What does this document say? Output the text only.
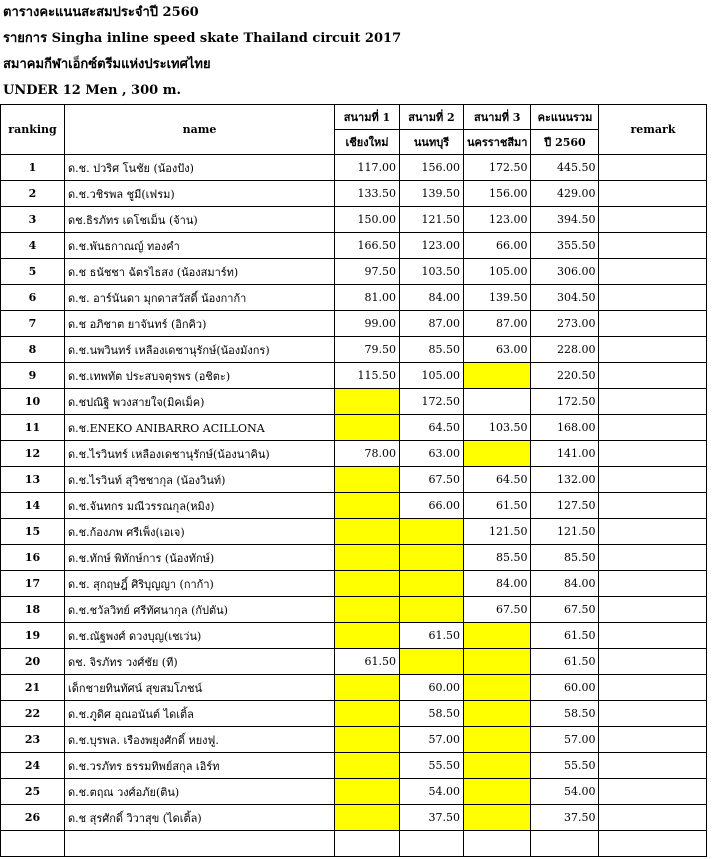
ตารางคะแนนสะสมประจำปี 2560
รายการ Singha inline speed skate Thailand circuit 2017
สมาคมกีฬาเอ็กซ์ตรีมแห่งประเทศไทย
UNDER 12 Men , 300 m.
ranking	name	สนามที่ 1	สนามที่ 2	สนามที่ 3	คะแนนรวม	remark
		เชียงใหม่	นนทบุรี	นครราชสีมา	ปี 2560	
1	ด.ช. ปวริศ โนชัย (น้องปัง)	117.00	156.00	172.50	445.50	
2	ด.ช.วชิรพล ชูมี(เฟรม)	133.50	139.50	156.00	429.00	
3	ดช.ธิรภัทร เดโชเม็น (จ้าน)	150.00	121.50	123.00	394.50	
4	ด.ช.พันธกาณญ์ ทองคำ	166.50	123.00	66.00	355.50	
5	ด.ช ธนัชชา ฉัตรไธสง (น้องสมาร์ท)	97.50	103.50	105.00	306.00	
6	ด.ช. อาร์นันดา มุกดาสวัสดิ์ น้องกาก้า	81.00	84.00	139.50	304.50	
7	ด.ช อภิชาต ยาจันทร์ (อิกคิว)	99.00	87.00	87.00	273.00	
8	ด.ช.นพวินทร์ เหลืองเดชานุรักษ์(น้องมังกร)	79.50	85.50	63.00	228.00	
9	ด.ช.เทพทัต ประสบจตุรพร (อชิตะ)	115.50	105.00		220.50	
10	ด.ชปณิฐิ พวงสายใจ(มิคเม็ค)		172.50		172.50	
11	ด.ช.ENEKO ANIBARRO ACILLONA		64.50	103.50	168.00	
12	ด.ช.ไรวินทร์ เหลืองเดชานุรักษ์(น้องนาคิน)	78.00	63.00		141.00	
13	ด.ช.ไรวินท์ สุวิชชากุล (น้องวินท์)		67.50	64.50	132.00	
14	ด.ช.จันทกร มณีวรรณกุล(หมิง)		66.00	61.50	127.50	
15	ด.ช.ก้องภพ ศรีเพ็ง(เอเจ)			121.50	121.50	
16	ด.ช.ทักษ์ พิทักษ์การ (น้องทักษ์)			85.50	85.50	
17	ด.ช. สุกฤษฎิ์ ศิริบุญญา (กาก้า)			84.00	84.00	
18	ด.ช.ชวัลวิทย์ ศรีทัศนากุล (กัปตัน)			67.50	67.50	
19	ด.ช.ณัฐพงศ์ ดวงบุญ(เชเว่น)		61.50		61.50	
20	ดช. จิรภัทร วงศ์ชัย (ที)	61.50			61.50	
21	เด็กชายทินทัศน์ สุขสมโภชน์		60.00		60.00	
22	ด.ช.ภูดิศ อุณอนันต์ ไดเติ้ล		58.50		58.50	
23	ด.ช.บุรพล. เรืองพยุงศักดิ์ หยงฟู.		57.00		57.00	
24	ด.ช.วรภัทร ธรรมทิพย์สกุล เอิร์ท		55.50		55.50	
25	ด.ช.ตฤณ วงศ์อภัย(ติน)		54.00		54.00	
26	ด.ช สุรศักดิ์ วิวาสุข (ไดเติ้ล)		37.50		37.50	
